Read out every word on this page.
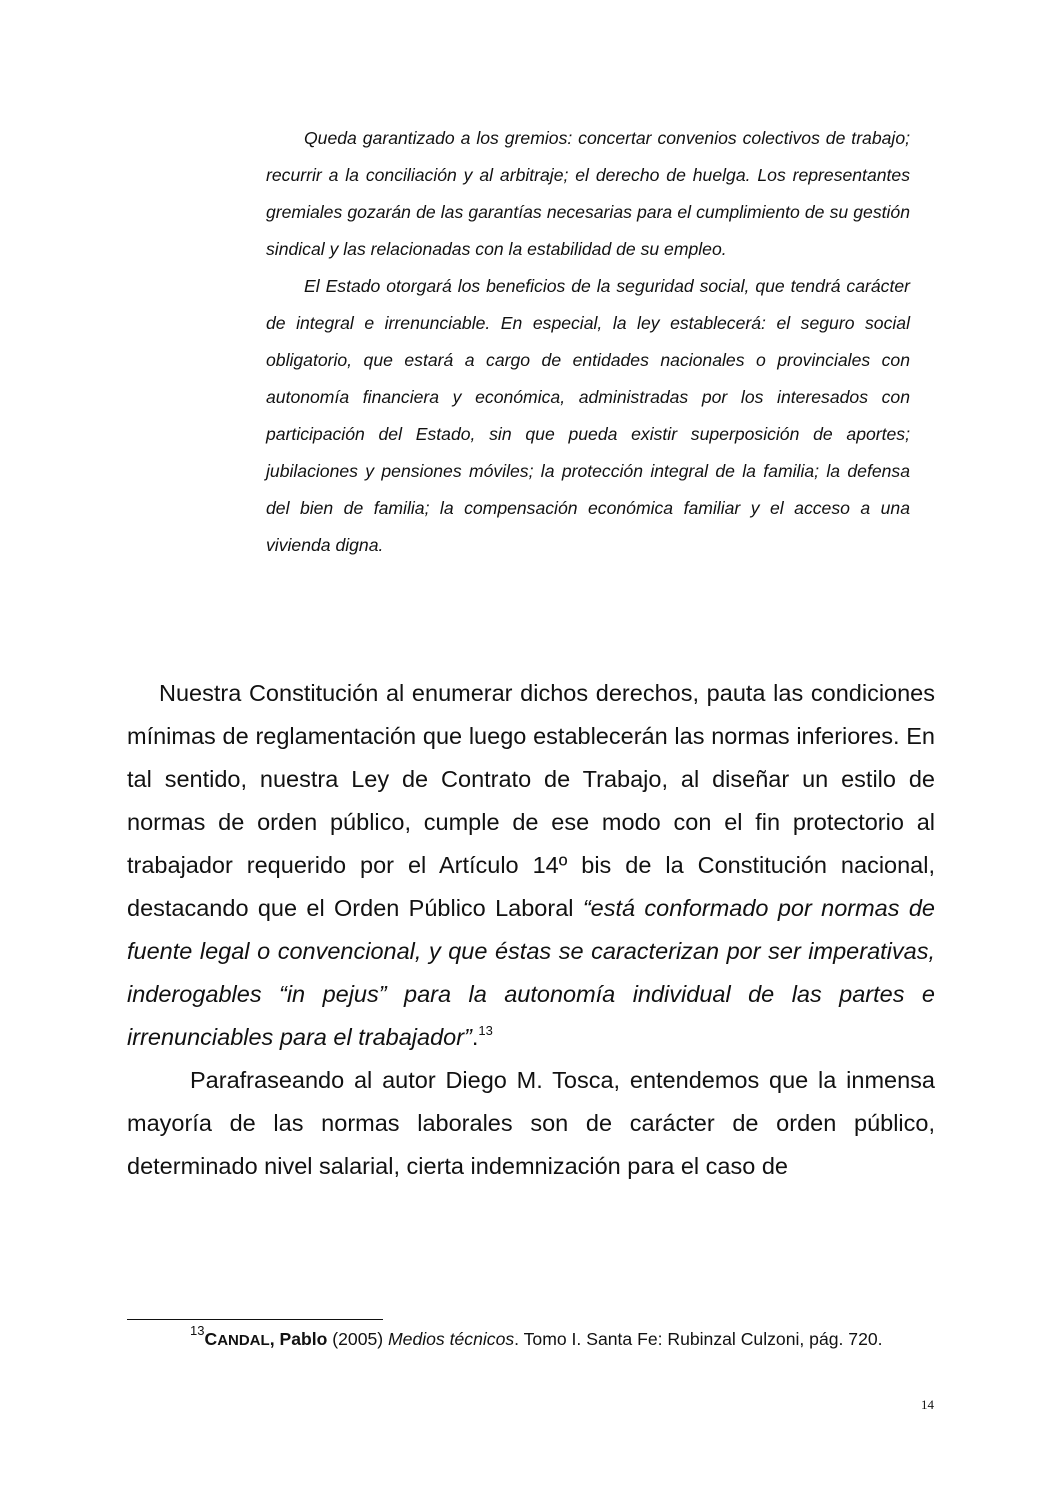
Queda garantizado a los gremios: concertar convenios colectivos de trabajo; recurrir a la conciliación y al arbitraje; el derecho de huelga. Los representantes gremiales gozarán de las garantías necesarias para el cumplimiento de su gestión sindical y las relacionadas con la estabilidad de su empleo.

El Estado otorgará los beneficios de la seguridad social, que tendrá carácter de integral e irrenunciable. En especial, la ley establecerá: el seguro social obligatorio, que estará a cargo de entidades nacionales o provinciales con autonomía financiera y económica, administradas por los interesados con participación del Estado, sin que pueda existir superposición de aportes; jubilaciones y pensiones móviles; la protección integral de la familia; la defensa del bien de familia; la compensación económica familiar y el acceso a una vivienda digna.

Nuestra Constitución al enumerar dichos derechos, pauta las condiciones mínimas de reglamentación que luego establecerán las normas inferiores. En tal sentido, nuestra Ley de Contrato de Trabajo, al diseñar un estilo de normas de orden público, cumple de ese modo con el fin protectorio al trabajador requerido por el Artículo 14º bis de la Constitución nacional, destacando que el Orden Público Laboral “está conformado por normas de fuente legal o convencional, y que éstas se caracterizan por ser imperativas, inderogables “in pejus” para la autonomía individual de las partes e irrenunciables para el trabajador”.$^{13}$

Parafraseando al autor Diego M. Tosca, entendemos que la inmensa mayoría de las normas laborales son de carácter de orden público, determinado nivel salarial, cierta indemnización para el caso de

$^{13}$CANDAL, Pablo (2005) Medios técnicos. Tomo I. Santa Fe: Rubinzal Culzoni, pág. 720.

14
